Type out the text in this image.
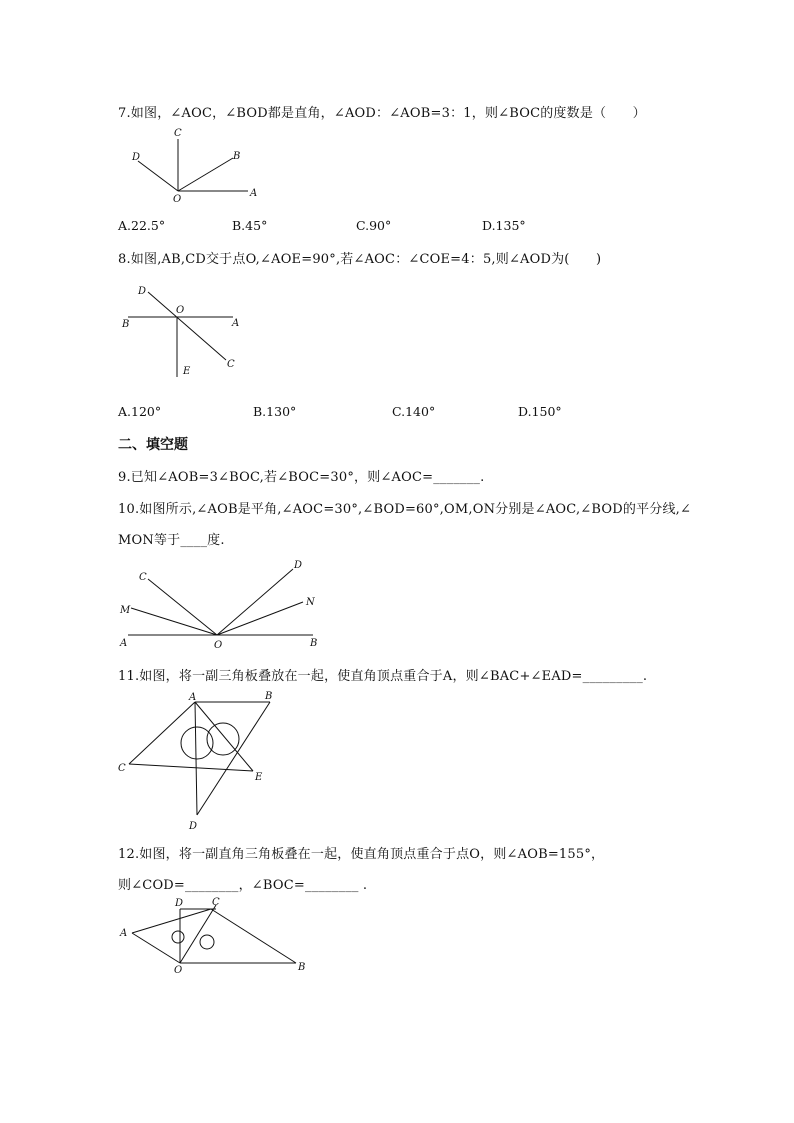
7.如图，∠AOC，∠BOD都是直角，∠AOD：∠AOB=3：1，则∠BOC的度数是（　　）
C
D	B
O
A
A.22.5°	B.45°	C.90°	D.135°
8.如图,AB,CD交于点O,∠AOE=90°,若∠AOC：∠COE=4：5,则∠AOD为(　　)
D
O
B	A
C
E
A.120°	B.130°	C.140°	D.150°
二、填空题
9.已知∠AOB=3∠BOC,若∠BOC=30°，则∠AOC=_______.
10.如图所示,∠AOB是平角,∠AOC=30°,∠BOD=60°,OM,ON分别是∠AOC,∠BOD的平分线,∠
MON等于____度.
C
D
M
N
A	O	B
11.如图，将一副三角板叠放在一起，使直角顶点重合于A，则∠BAC+∠EAD=_________.
A	B
C
E
D
12.如图，将一副直角三角板叠在一起，使直角顶点重合于点O，则∠AOB=155°，
则∠COD=________，∠BOC=________ .
D	C
A
O	B
